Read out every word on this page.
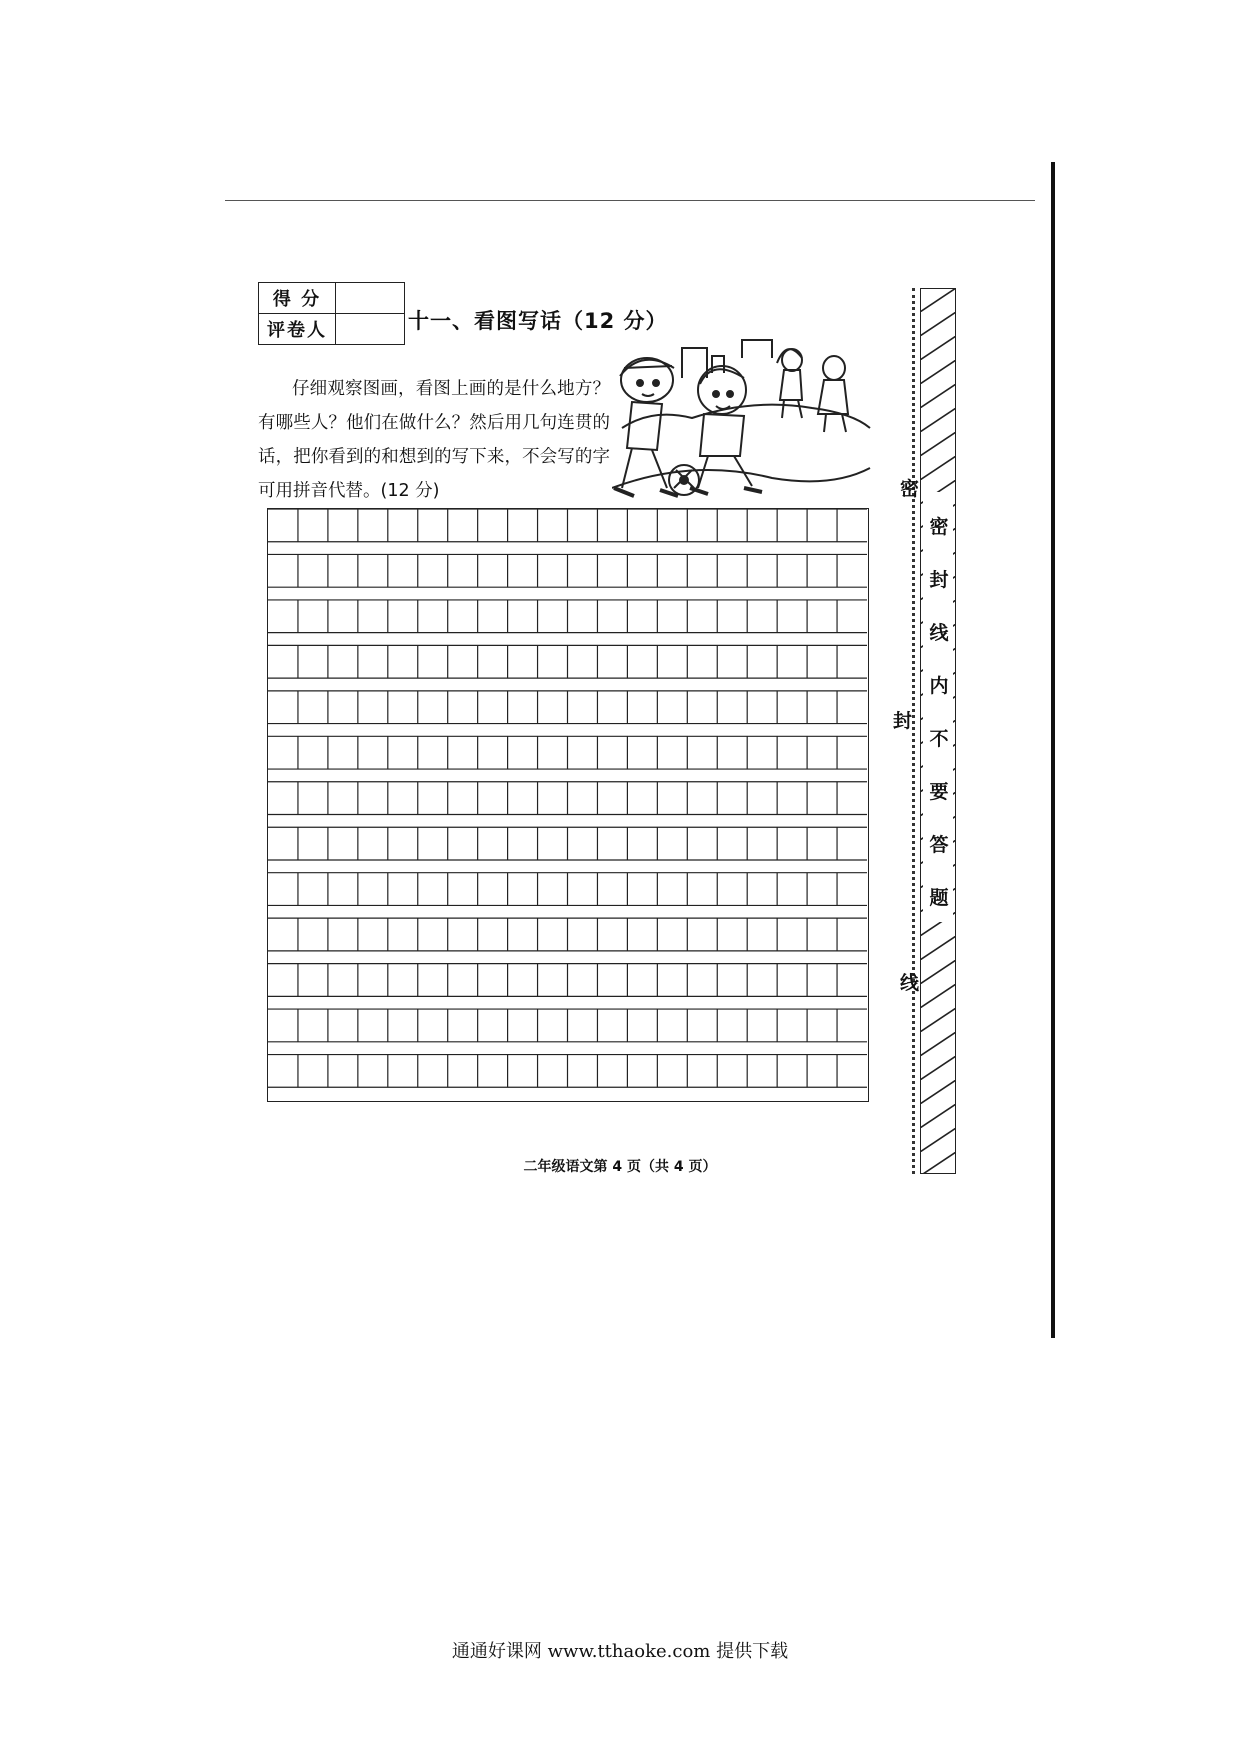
得 分	
评卷人		十一、看图写话（12 分）
仔细观察图画，看图上画的是什么地方？有哪些人？他们在做什么？然后用几句连贯的话，把你看到的和想到的写下来，不会写的字可用拼音代替。(12 分)	密
封
线
密
封
线
内
不
要
答
题
二年级语文第 4 页（共 4 页）
通通好课网 www.tthaoke.com 提供下载
